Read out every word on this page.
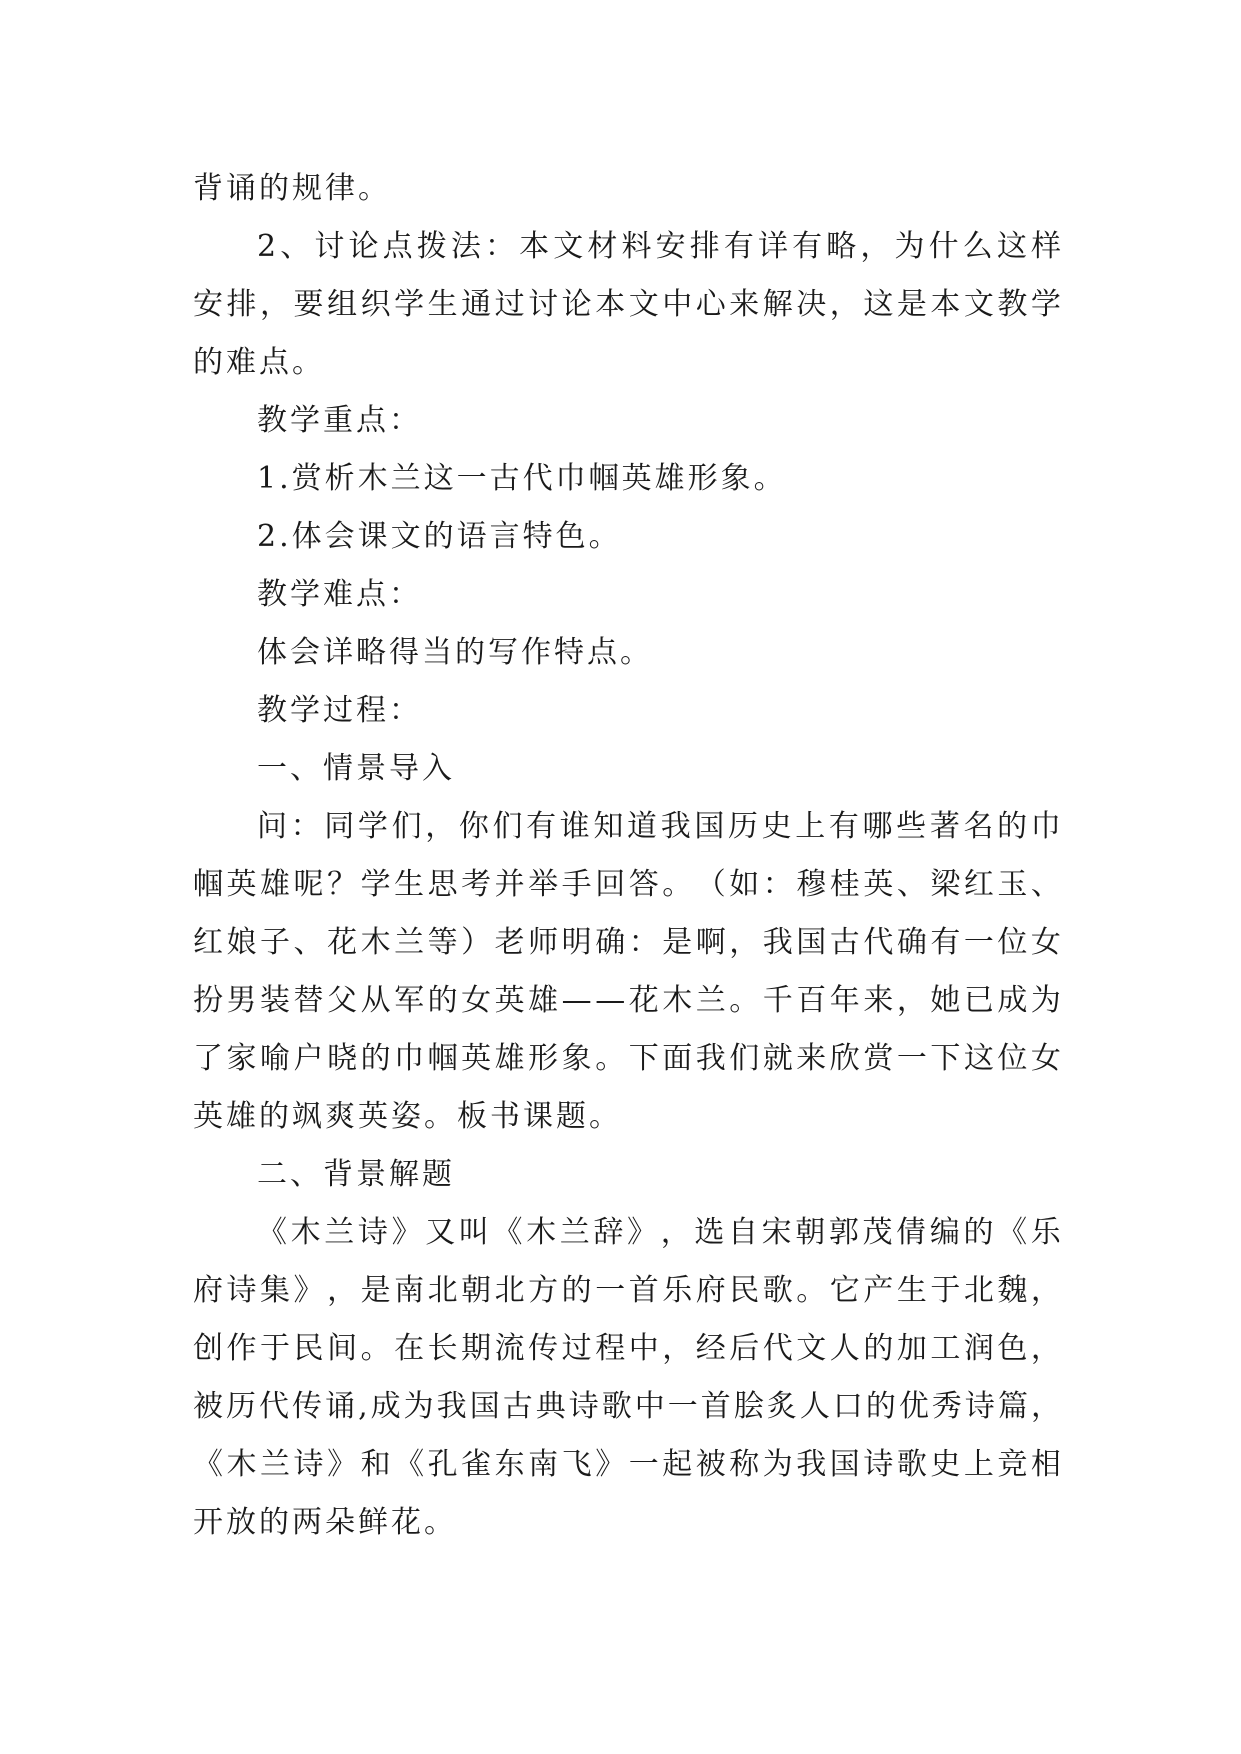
背诵的规律。
2 、 讨 论 点 拨 法 ： 本 文 材 料 安 排 有 详 有 略 ， 为 什 么 这 样
安 排 ， 要 组 织 学 生 通 过 讨 论 本 文 中 心 来 解 决 ， 这 是 本 文 教 学
的难点。
教学重点：
1.赏析木兰这一古代巾帼英雄形象。
2.体会课文的语言特色。
教学难点：
体会详略得当的写作特点。
教学过程：
一、情景导入
问 ： 同 学 们 ， 你 们 有 谁 知 道 我 国 历 史 上 有 哪 些 著 名 的 巾
帼 英 雄 呢 ？ 学 生 思 考 并 举 手 回 答 。 （ 如 ： 穆 桂 英 、 梁 红 玉 、
红 娘 子 、 花 木 兰 等 ） 老 师 明 确 ： 是 啊 ， 我 国 古 代 确 有 一 位 女
扮 男 装 替 父 从 军 的 女 英 雄 — — 花 木 兰 。 千 百 年 来 ， 她 已 成 为
了 家 喻 户 晓 的 巾 帼 英 雄 形 象 。 下 面 我 们 就 来 欣 赏 一 下 这 位 女
英雄的飒爽英姿。板书课题。
二、背景解题
《 木 兰 诗 》 又 叫 《 木 兰 辞 》 ， 选 自 宋 朝 郭 茂 倩 编 的 《 乐
府 诗 集 》 ， 是 南 北 朝 北 方 的 一 首 乐 府 民 歌 。 它 产 生 于 北 魏 ，
创 作 于 民 间 。 在 长 期 流 传 过 程 中 ， 经 后 代 文 人 的 加 工 润 色 ，
被 历 代 传 诵 , 成 为 我 国 古 典 诗 歌 中 一 首 脍 炙 人 口 的 优 秀 诗 篇 ，
《 木 兰 诗 》 和 《 孔 雀 东 南 飞 》 一 起 被 称 为 我 国 诗 歌 史 上 竞 相
开放的两朵鲜花。
